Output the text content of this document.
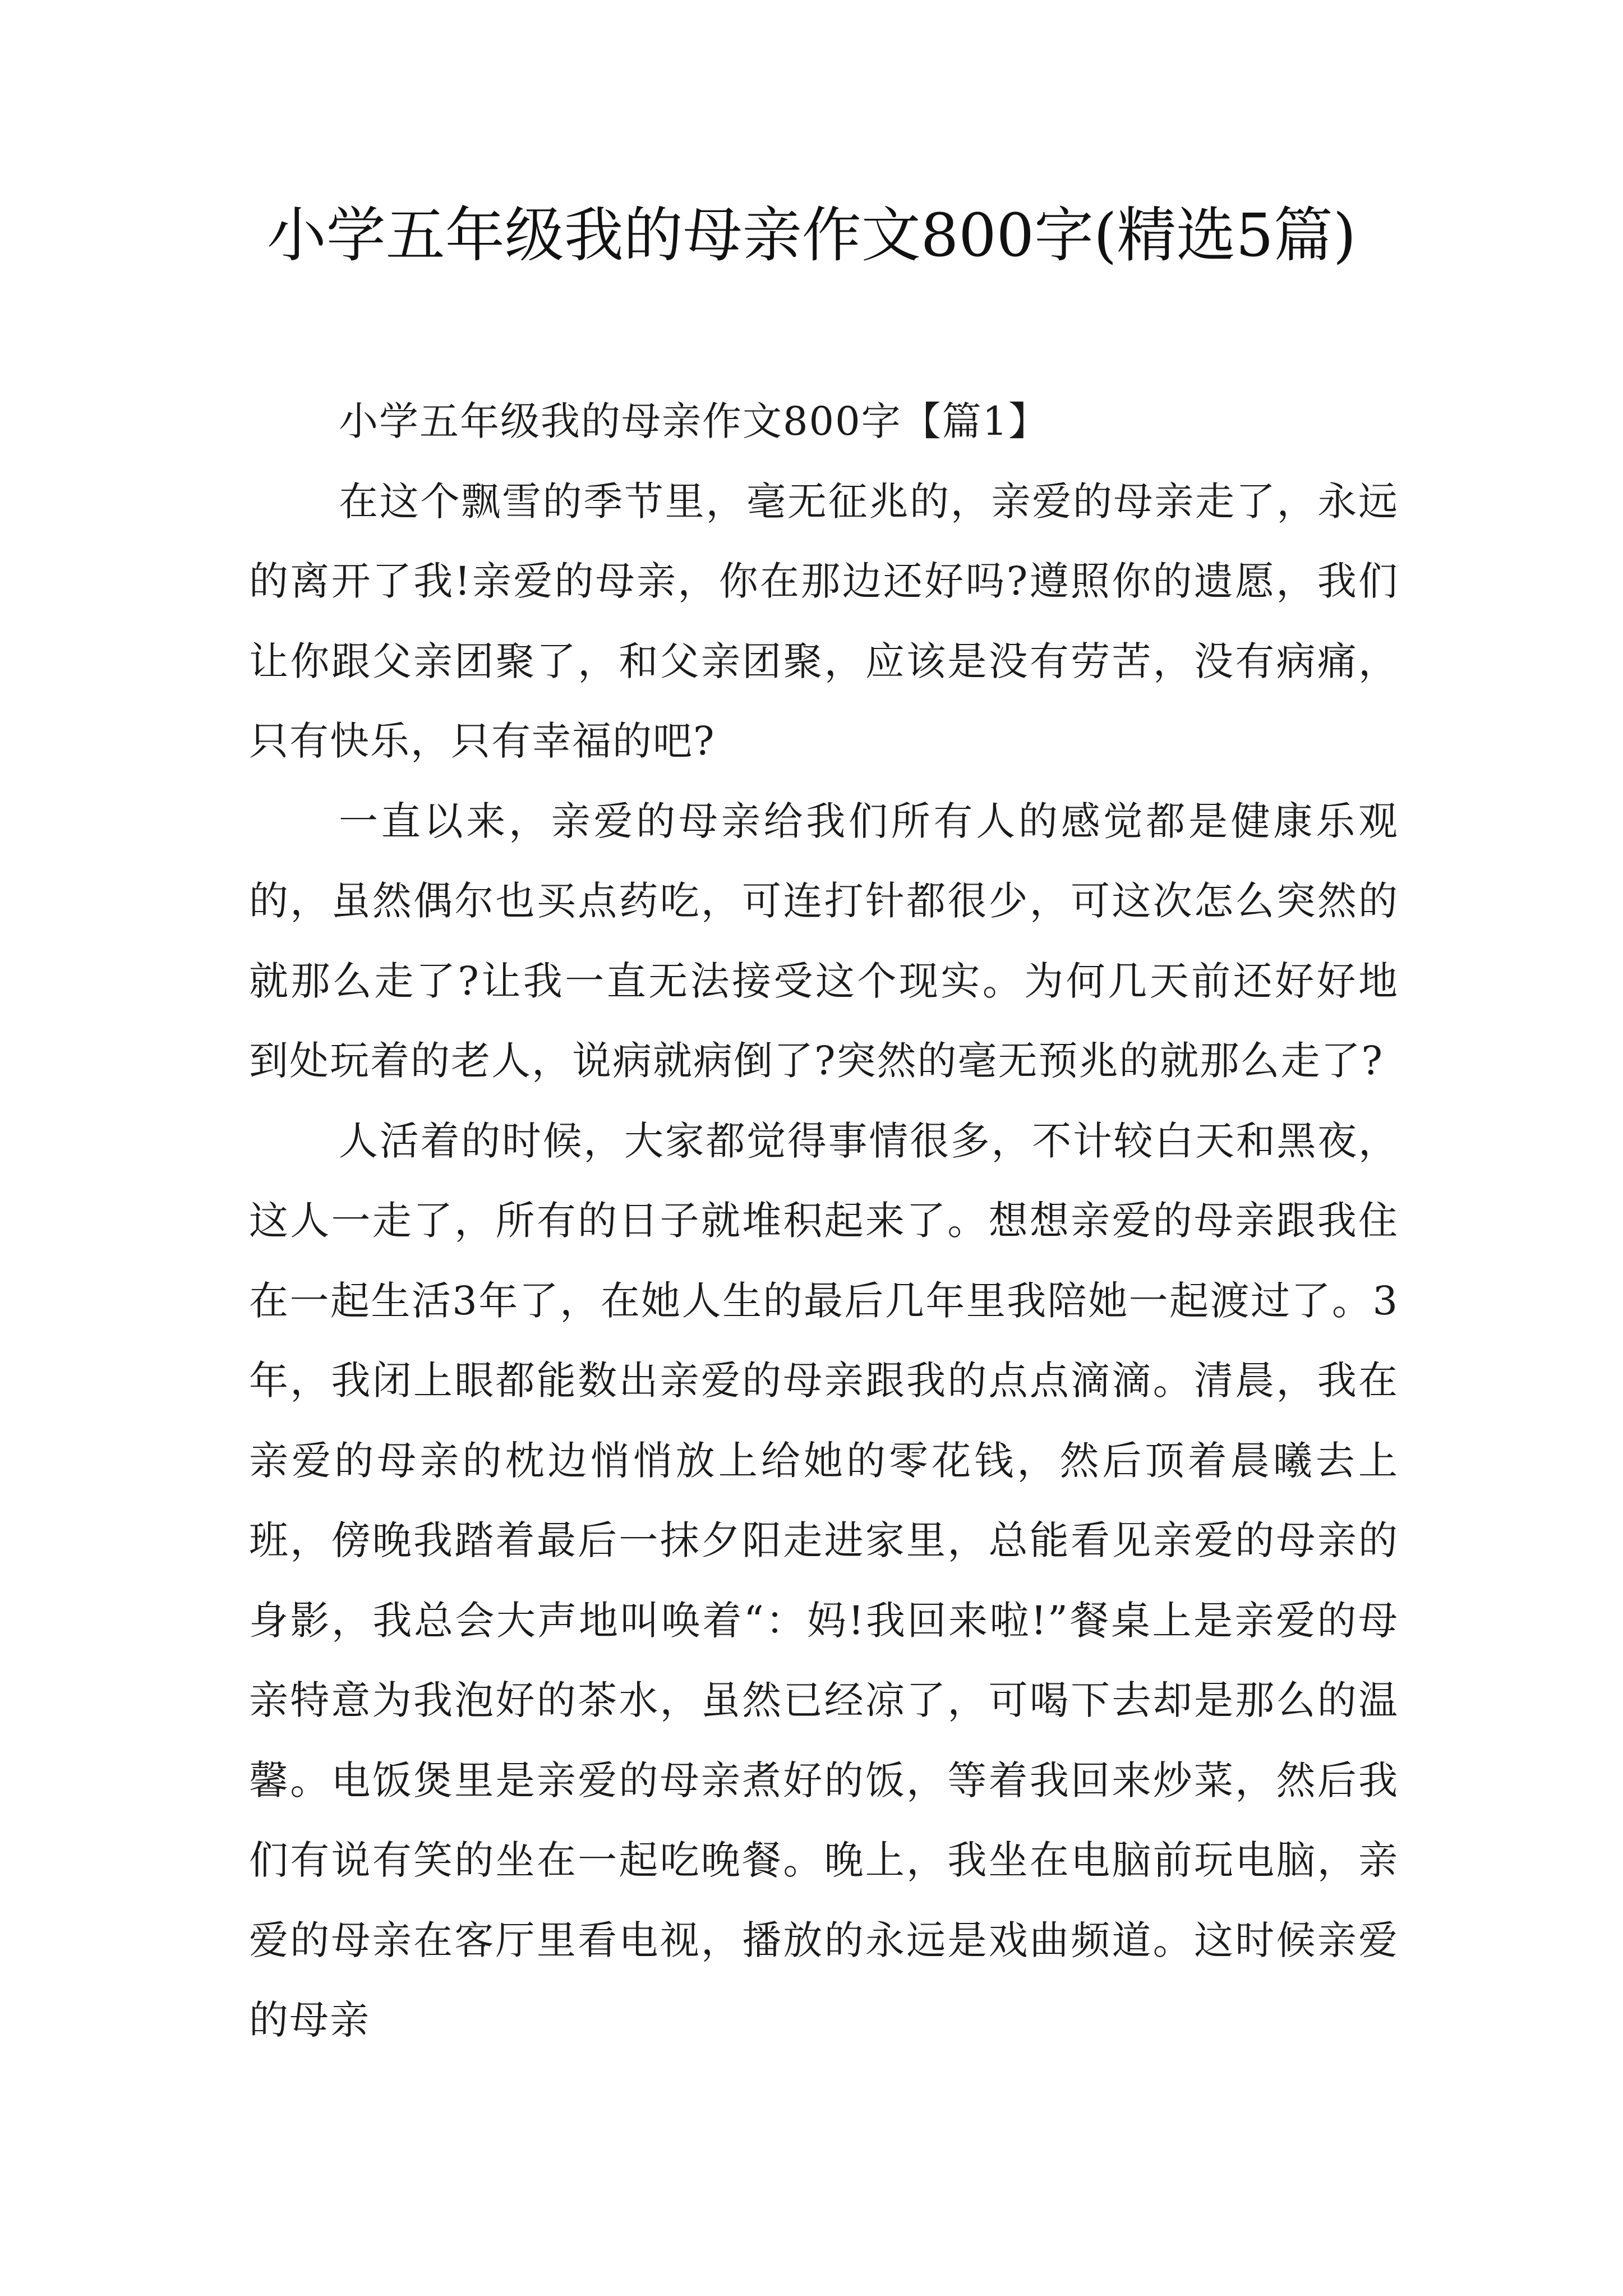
小学五年级我的母亲作文800字(精选5篇)

小学五年级我的母亲作文800字【篇1】

在这个飘雪的季节里，毫无征兆的，亲爱的母亲走了，永远的离开了我!亲爱的母亲，你在那边还好吗?遵照你的遗愿，我们让你跟父亲团聚了，和父亲团聚，应该是没有劳苦，没有病痛，只有快乐，只有幸福的吧?

一直以来，亲爱的母亲给我们所有人的感觉都是健康乐观的，虽然偶尔也买点药吃，可连打针都很少，可这次怎么突然的就那么走了?让我一直无法接受这个现实。为何几天前还好好地到处玩着的老人，说病就病倒了?突然的毫无预兆的就那么走了?

人活着的时候，大家都觉得事情很多，不计较白天和黑夜，这人一走了，所有的日子就堆积起来了。想想亲爱的母亲跟我住在一起生活3年了，在她人生的最后几年里我陪她一起渡过了。3年，我闭上眼都能数出亲爱的母亲跟我的点点滴滴。清晨，我在亲爱的母亲的枕边悄悄放上给她的零花钱，然后顶着晨曦去上班，傍晚我踏着最后一抹夕阳走进家里，总能看见亲爱的母亲的身影，我总会大声地叫唤着“：妈!我回来啦!”餐桌上是亲爱的母亲特意为我泡好的茶水，虽然已经凉了，可喝下去却是那么的温馨。电饭煲里是亲爱的母亲煮好的饭，等着我回来炒菜，然后我们有说有笑的坐在一起吃晚餐。晚上，我坐在电脑前玩电脑，亲爱的母亲在客厅里看电视，播放的永远是戏曲频道。这时候亲爱的母亲
